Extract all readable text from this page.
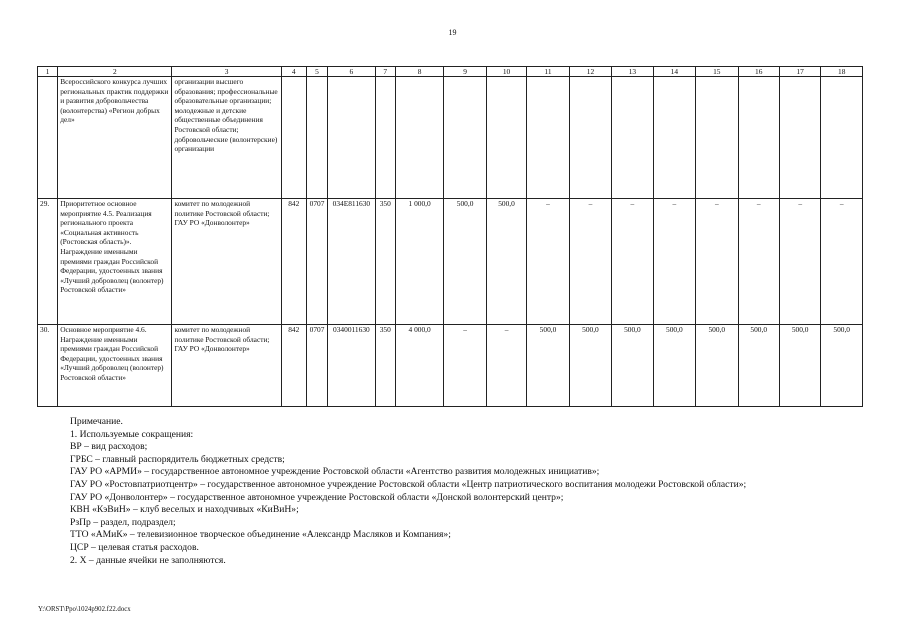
19
1	2	3	4	5	6	7	8	9	10	11	12	13	14	15	16	17	18
	Всероссийского конкурса лучших региональных практик поддержки и развития добровольчества (волонтерства) «Регион добрых дел»	организации высшего образования; профессиональные образовательные организации; молодежные и детские общественные объединения Ростовской области; добровольческие (волонтерские) организации															
29.	Приоритетное основное мероприятие 4.5. Реализация регионального проекта «Социальная активность (Ростовская область)». Награждение именными премиями граждан Российской Федерации, удостоенных звания «Лучший доброволец (волонтер) Ростовской области»	комитет по молодежной политике Ростовской области; ГАУ РО «Донволонтер»	842	0707	034E811630	350	1 000,0	500,0	500,0	–	–	–	–	–	–	–	–
30.	Основное мероприятие 4.6. Награждение именными премиями граждан Российской Федерации, удостоенных звания «Лучший доброволец (волонтер) Ростовской области»	комитет по молодежной политике Ростовской области; ГАУ РО «Донволонтер»	842	0707	0340011630	350	4 000,0	–	–	500,0	500,0	500,0	500,0	500,0	500,0	500,0	500,0
Примечание.
1. Используемые сокращения:
ВР – вид расходов;
ГРБС – главный распорядитель бюджетных средств;
ГАУ РО «АРМИ» – государственное автономное учреждение Ростовской области «Агентство развития молодежных инициатив»;
ГАУ РО «Ростовпатриотцентр» – государственное автономное учреждение Ростовской области «Центр патриотического воспитания молодежи Ростовской области»;
ГАУ РО «Донволонтер» – государственное автономное учреждение Ростовской области «Донской волонтерский центр»;
КВН «КэВиН» – клуб веселых и находчивых «КиВиН»;
РзПр – раздел, подраздел;
ТТО «АМиК» – телевизионное творческое объединение «Александр Масляков и Компания»;
ЦСР – целевая статья расходов.
2. Х – данные ячейки не заполняются.
Y:\ORST\Ppo\1024p902.f22.docx
